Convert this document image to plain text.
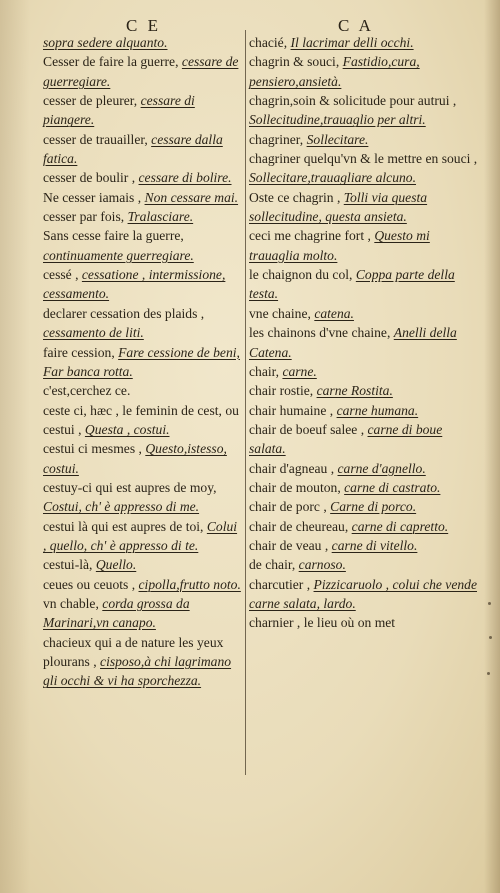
C E	C A
sopra sedere alquanto.
Cesser de faire la guerre, cessare de guerregiare.
cesser de pleurer, cessare di piangere.
cesser de trauailler, cessare dalla fatica.
cesser de boulir , cessare di bolire.
Ne cesser iamais , Non cessare mai.
cesser par fois, Tralasciare.
Sans cesse faire la guerre, continuamente guerregiare.
cessé , cessatione , intermissione, cessamento.
declarer cessation des plaids , cessamento de liti.
faire cession, Fare cessione de beni, Far banca rotta.
c'est,cerchez ce.
ceste ci, hæc , le feminin de cest, ou cestui , Questa , costui.
cestui ci mesmes , Questo,istesso, costui.
cestuy-ci qui est aupres de moy, Costui, ch' è appresso di me.
cestui là qui est aupres de toi, Colui , quello, ch' è appresso di te.
cestui-là, Quello.
ceues ou ceuots , cipolla,frutto noto.
vn chable, corda grossa da Marinari,vn canapo.
chacieux qui a de nature les yeux plourans , cisposo,à chi lagrimano gli occhi & vi ha sporchezza.
chacié, Il lacrimar delli occhi.
chagrin & souci, Fastidio,cura, pensiero,ansietà.
chagrin,soin & solicitude pour autrui , Sollecitudine,trauaglio per altri.
chagriner, Sollecitare.
chagriner quelqu'vn & le mettre en souci , Sollecitare,trauagliare alcuno.
Oste ce chagrin , Tolli via questa sollecitudine, questa ansieta.
ceci me chagrine fort , Questo mi trauaglia molto.
le chaignon du col, Coppa parte della testa.
vne chaine, catena.
les chainons d'vne chaine, Anelli della Catena.
chair, carne.
chair rostie, carne Rostita.
chair humaine , carne humana.
chair de boeuf salee , carne di boue salata.
chair d'agneau , carne d'agnello.
chair de mouton, carne di castrato.
chair de porc , Carne di porco.
chair de cheureau, carne di capretto.
chair de veau , carne di vitello.
de chair, carnoso.
charcutier , Pizzicaruolo , colui che vende carne salata, lardo.
charnier , le lieu où on met
